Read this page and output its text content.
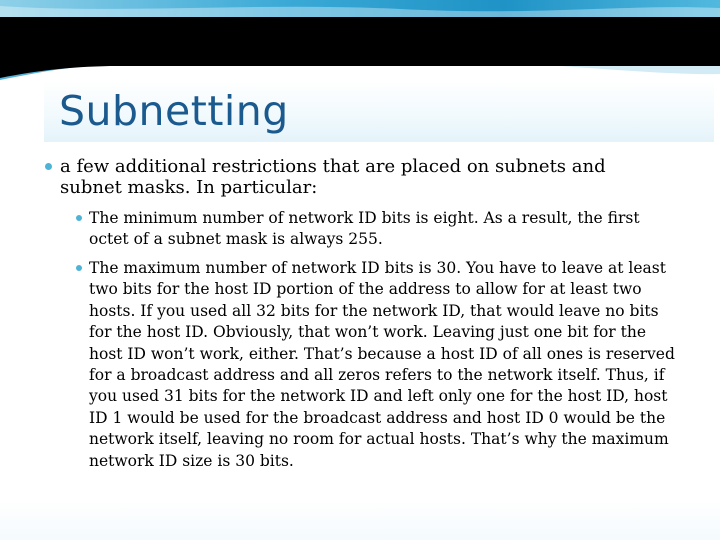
Subnetting
a few additional restrictions that are placed on subnets and subnet masks. In particular:
The minimum number of network ID bits is eight. As a result, the first octet of a subnet mask is always 255.
The maximum number of network ID bits is 30. You have to leave at least two bits for the host ID portion of the address to allow for at least two hosts. If you used all 32 bits for the network ID, that would leave no bits for the host ID. Obviously, that won’t work. Leaving just one bit for the host ID won’t work, either. That’s because a host ID of all ones is reserved for a broadcast address and all zeros refers to the network itself. Thus, if you used 31 bits for the network ID and left only one for the host ID, host ID 1 would be used for the broadcast address and host ID 0 would be the network itself, leaving no room for actual hosts. That’s why the maximum network ID size is 30 bits.
